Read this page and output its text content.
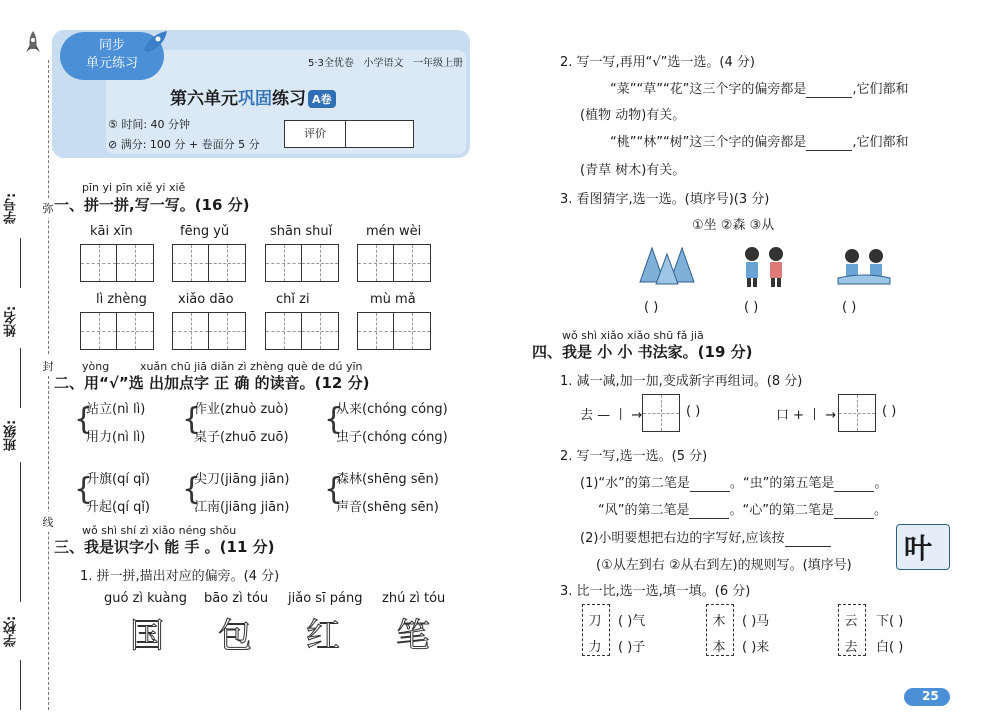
学号:
姓名:
班级:
学校:
弥
封
线
同步
单元练习	5·3全优卷 小学语文 一年级上册
第六单元巩固练习 A卷
⑤ 时间: 40 分钟
⊘ 满分: 100 分 + 卷面分 5 分
评价
pīn yi pīn xiě yi xiě
一、拼一拼,写一写。(16 分)
kāi xīn	fēng yǔ	shān shuǐ	mén wèi
lì zhèng xiǎo dāo	chǐ zi	mù mǎ
yòng	xuǎn chū jiā diǎn zì zhèng què de dú yīn
二、用“√”选 出加点字 正 确 的读音。(12 分)
{
站立(nì lì)
用力(nì lì)
{
作业(zhuò zuò)
桌子(zhuō zuō)
{
从来(chóng cóng)
虫子(chóng cóng)
{
升旗(qí qǐ)
升起(qí qǐ)
{
尖刀(jiāng jiān)
江南(jiāng jiān)
{
森林(shēng sēn)
声音(shēng sēn)
wǒ shì shí zì xiǎo néng shǒu
三、我是识字小 能 手 。(11 分)
1. 拼一拼,描出对应的偏旁。(4 分)
guó zì kuàng bāo zì tóu jiǎo sī páng zhú zì tóu
国 包 红 笔
2. 写一写,再用“√”选一选。(4 分)
“菜”“草”“花”这三个字的偏旁都是	,它们都和
(植物 动物)有关。
“桃”“林”“树”这三个字的偏旁都是	,它们都和
(青草 树木)有关。
3. 看图猜字,选一选。(填序号)(3 分)
①坐 ②森 ③从
( )	( )	( )
wǒ shì xiǎo xiǎo shū fǎ jiā
四、我是 小 小 书法家。(19 分)
1. 减一减,加一加,变成新字再组词。(8 分)
去 — 丨 →	( )	口 + 丨 →	( )
2. 写一写,选一选。(5 分)
(1)“水”的第二笔是	。“虫”的第五笔是	。
“风”的第二笔是	。“心”的第二笔是	。
(2)小明要想把右边的字写好,应该按
(①从左到右 ②从右到左)的规则写。(填序号)
叶
3. 比一比,选一选,填一填。(6 分)
刀
力
( )气
( )子
木
本
( )马
( )来
云
去
下( )
白( )
25
